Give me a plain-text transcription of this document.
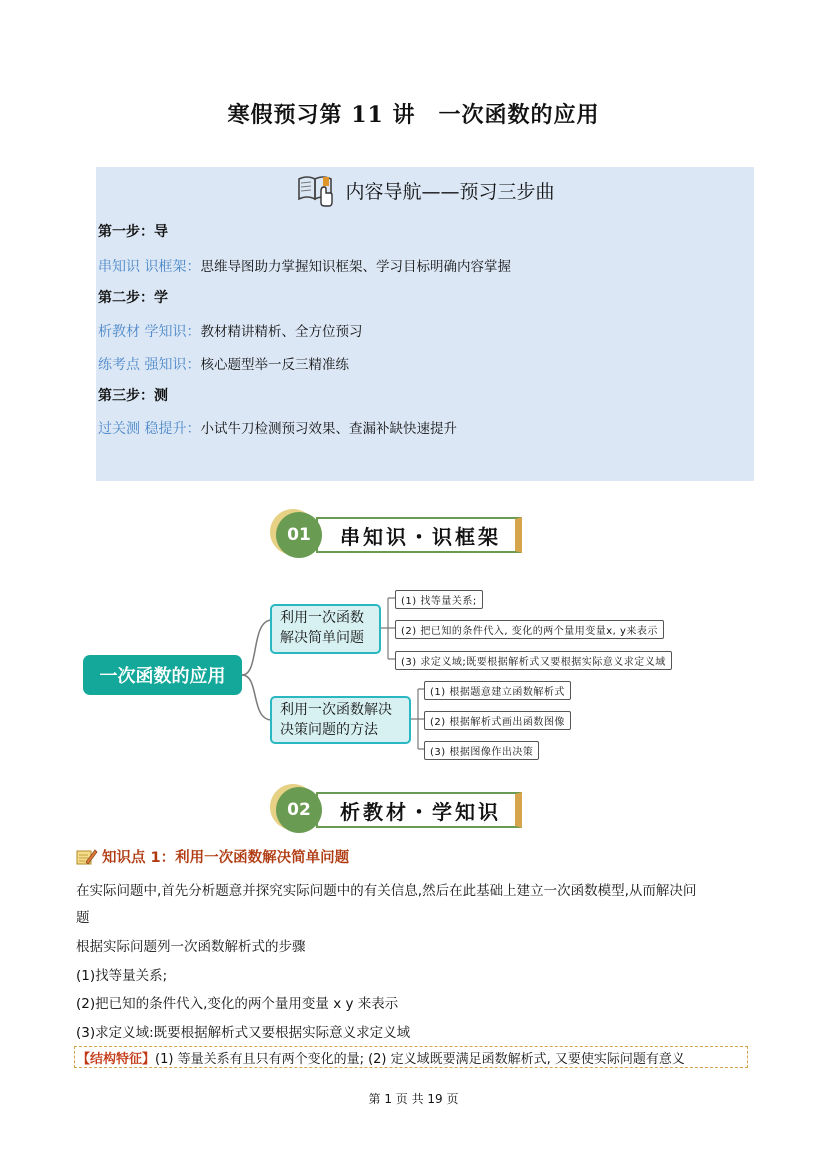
寒假预习第 11 讲　一次函数的应用
内容导航——预习三步曲
第一步：导
串知识 识框架：思维导图助力掌握知识框架、学习目标明确内容掌握
第二步：学
析教材 学知识：教材精讲精析、全方位预习
练考点 强知识：核心题型举一反三精准练
第三步：测
过关测 稳提升：小试牛刀检测预习效果、查漏补缺快速提升
01	串知识・识框架
一次函数的应用
利用一次函数解决简单问题
利用一次函数解决决策问题的方法
(1) 找等量关系;
(2) 把已知的条件代入, 变化的两个量用变量x, y来表示
(3) 求定义域;既要根据解析式又要根据实际意义求定义域
(1) 根据题意建立函数解析式
(2) 根据解析式画出函数图像
(3) 根据图像作出决策
02	析教材・学知识
知识点 1：利用一次函数解决简单问题
在实际问题中,首先分析题意并探究实际问题中的有关信息,然后在此基础上建立一次函数模型,从而解决问
题
根据实际问题列一次函数解析式的步骤
(1)找等量关系;
(2)把已知的条件代入,变化的两个量用变量 x y 来表示
(3)求定义域:既要根据解析式又要根据实际意义求定义域
【结构特征】 (1) 等量关系有且只有两个变化的量; (2) 定义域既要满足函数解析式, 又要使实际问题有意义
第 1 页 共 19 页
